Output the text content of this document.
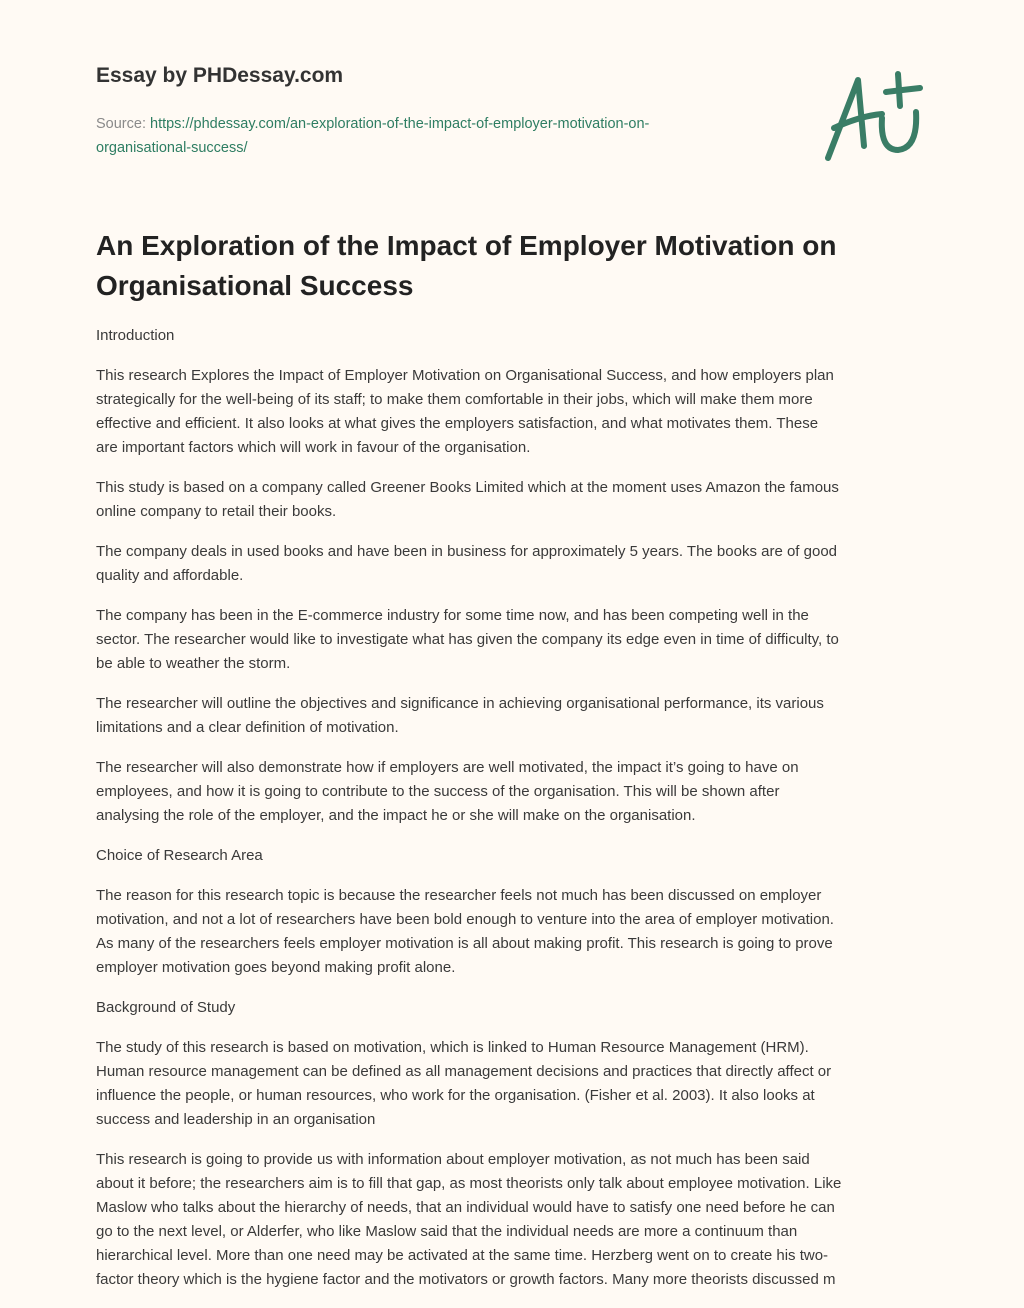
Essay by PHDessay.com
Source: https://phdessay.com/an-exploration-of-the-impact-of-employer-motivation-on-
organisational-success/
An Exploration of the Impact of Employer Motivation on
Organisational Success
Introduction
This research Explores the Impact of Employer Motivation on Organisational Success, and how employers plan
strategically for the well-being of its staff; to make them comfortable in their jobs, which will make them more
effective and efficient. It also looks at what gives the employers satisfaction, and what motivates them. These
are important factors which will work in favour of the organisation.
This study is based on a company called Greener Books Limited which at the moment uses Amazon the famous
online company to retail their books.
The company deals in used books and have been in business for approximately 5 years. The books are of good
quality and affordable.
The company has been in the E-commerce industry for some time now, and has been competing well in the
sector. The researcher would like to investigate what has given the company its edge even in time of difficulty, to
be able to weather the storm.
The researcher will outline the objectives and significance in achieving organisational performance, its various
limitations and a clear definition of motivation.
The researcher will also demonstrate how if employers are well motivated, the impact it’s going to have on
employees, and how it is going to contribute to the success of the organisation. This will be shown after
analysing the role of the employer, and the impact he or she will make on the organisation.
Choice of Research Area
The reason for this research topic is because the researcher feels not much has been discussed on employer
motivation, and not a lot of researchers have been bold enough to venture into the area of employer motivation.
As many of the researchers feels employer motivation is all about making profit. This research is going to prove
employer motivation goes beyond making profit alone.
Background of Study
The study of this research is based on motivation, which is linked to Human Resource Management (HRM).
Human resource management can be defined as all management decisions and practices that directly affect or
influence the people, or human resources, who work for the organisation. (Fisher et al. 2003). It also looks at
success and leadership in an organisation
This research is going to provide us with information about employer motivation, as not much has been said
about it before; the researchers aim is to fill that gap, as most theorists only talk about employee motivation. Like
Maslow who talks about the hierarchy of needs, that an individual would have to satisfy one need before he can
go to the next level, or Alderfer, who like Maslow said that the individual needs are more a continuum than
hierarchical level. More than one need may be activated at the same time. Herzberg went on to create his two-
factor theory which is the hygiene factor and the motivators or growth factors. Many more theorists discussed m
